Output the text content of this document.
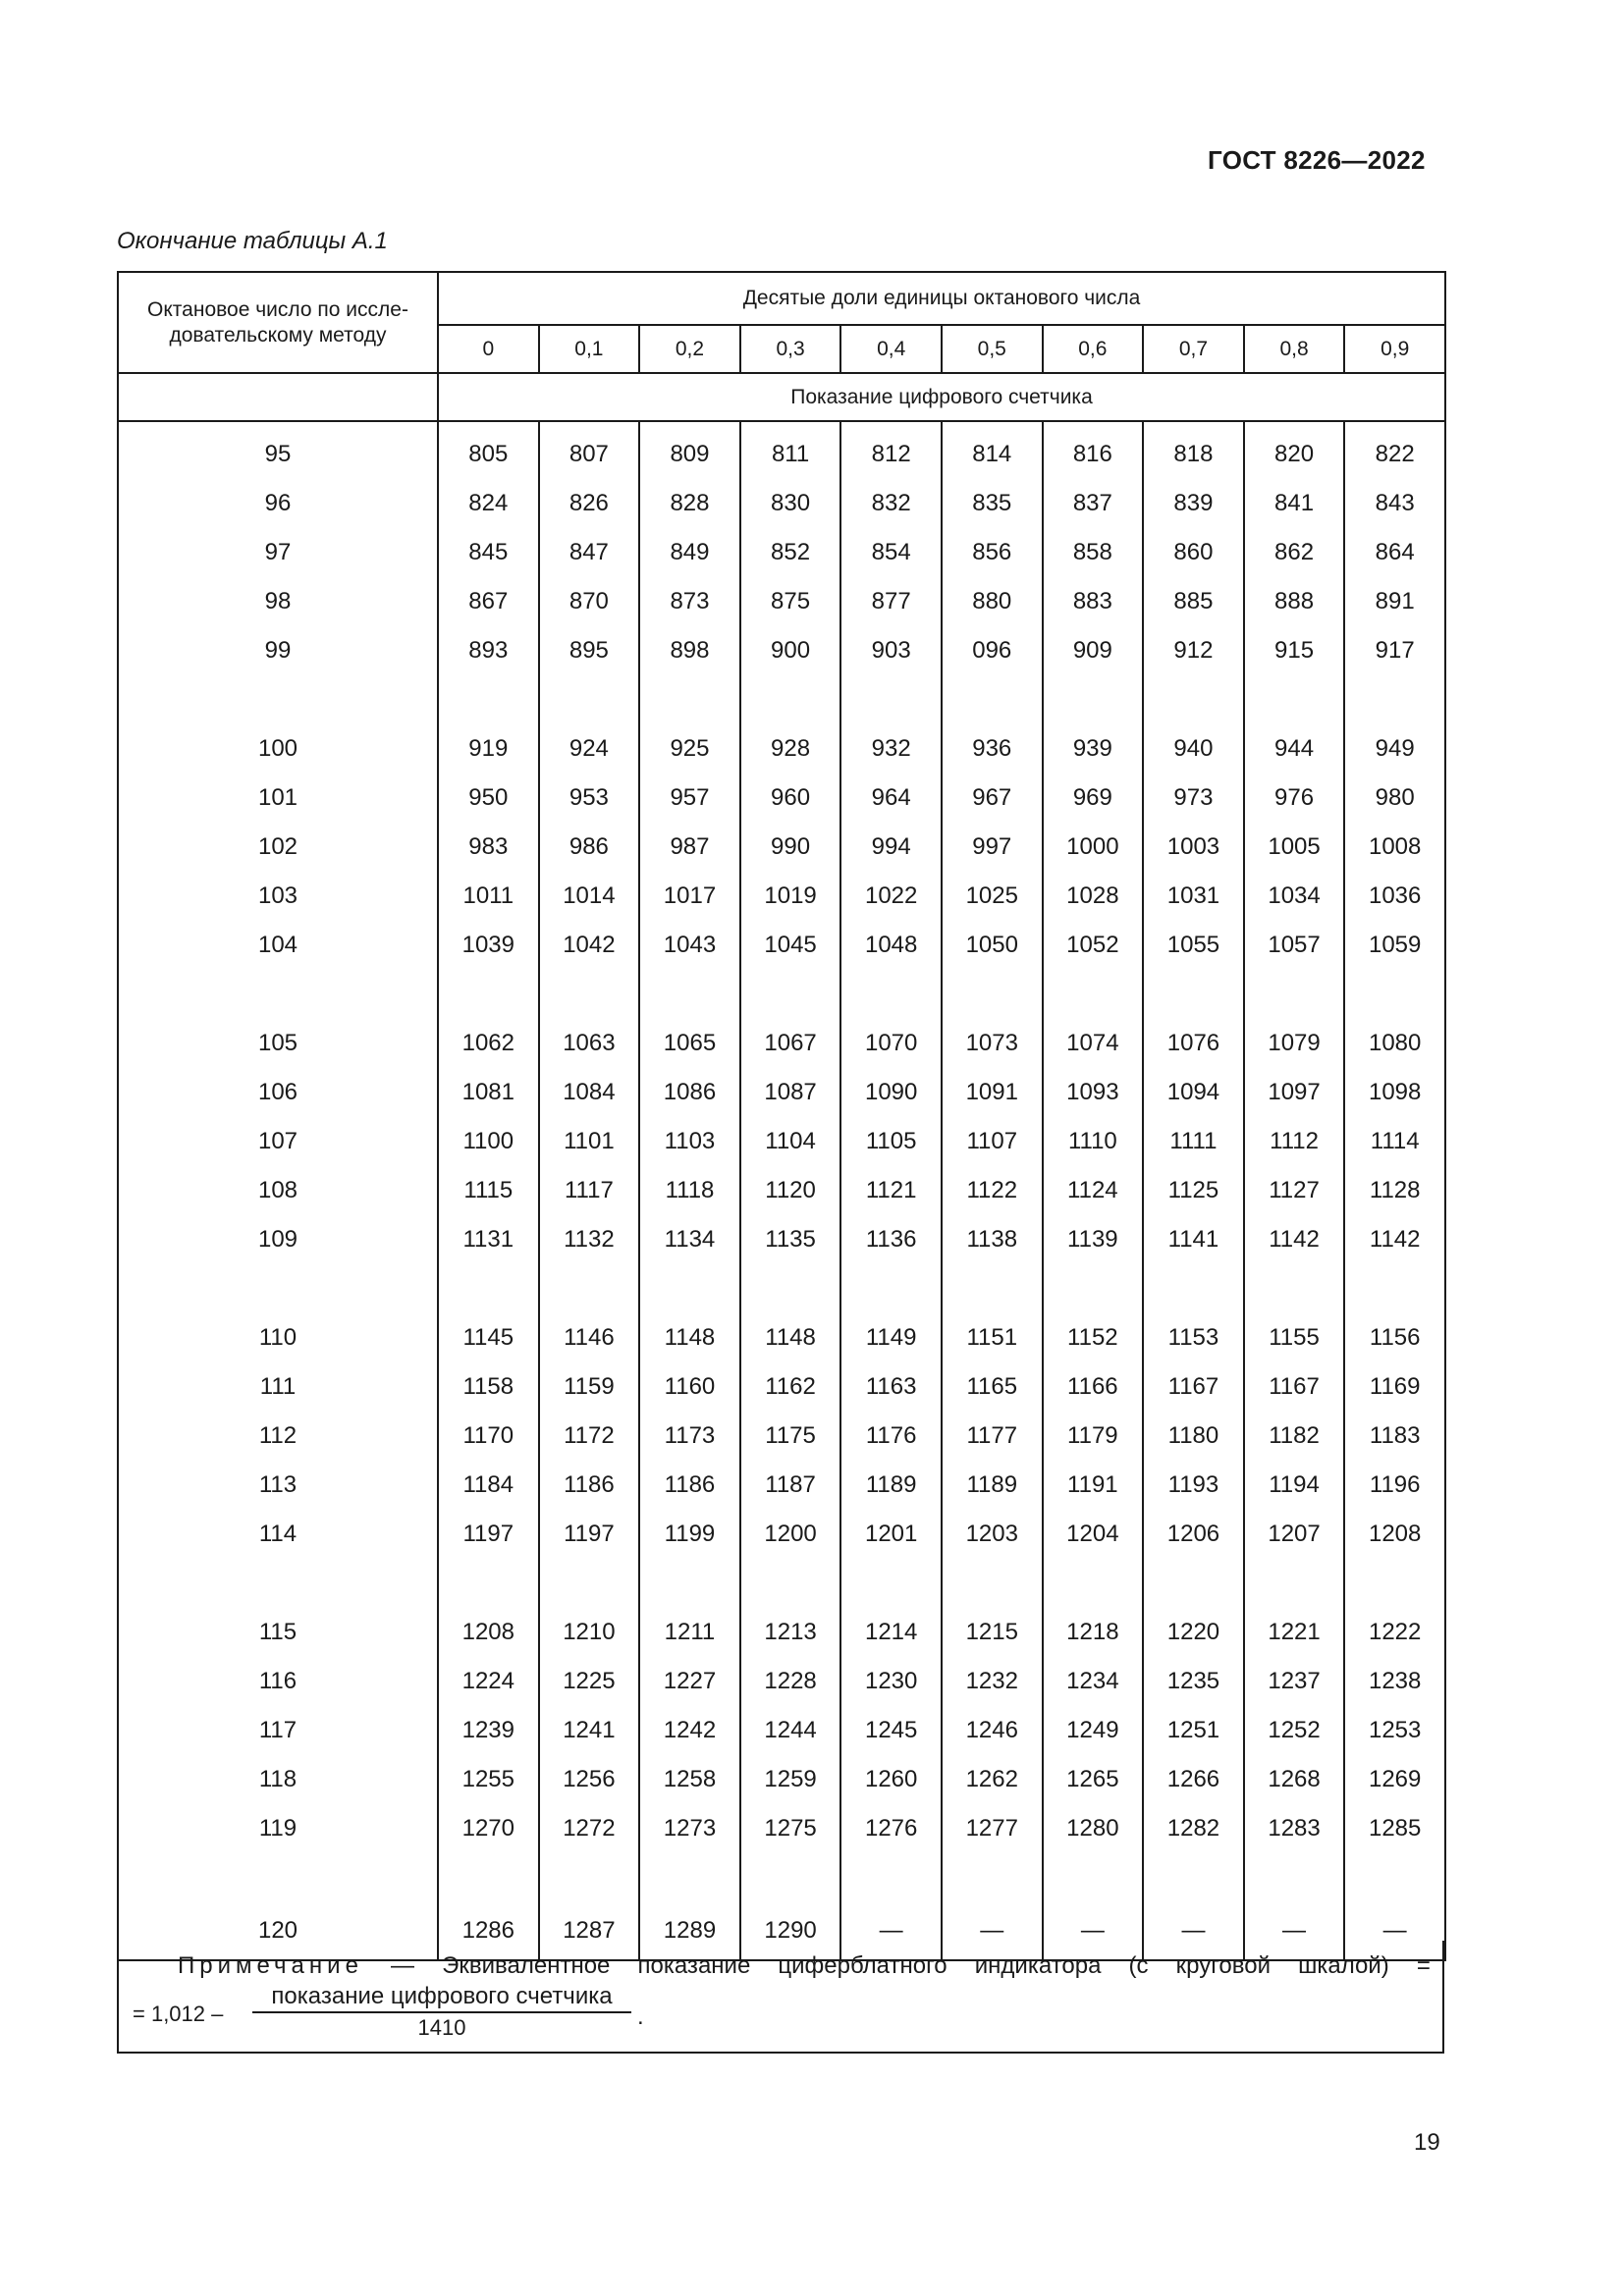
ГОСТ 8226—2022
Окончание таблицы А.1
Октановое число по иссле-
довательскому методу	Десятые доли единицы октанового числа									
	0	0,1	0,2	0,3	0,4	0,5	0,6	0,7	0,8	0,9
	Показание цифрового счетчика									

95	805	807	809	811	812	814	816	818	820	822
96	824	826	828	830	832	835	837	839	841	843
97	845	847	849	852	854	856	858	860	862	864
98	867	870	873	875	877	880	883	885	888	891
99	893	895	898	900	903	096	909	912	915	917

100	919	924	925	928	932	936	939	940	944	949
101	950	953	957	960	964	967	969	973	976	980
102	983	986	987	990	994	997	1000	1003	1005	1008
103	1011	1014	1017	1019	1022	1025	1028	1031	1034	1036
104	1039	1042	1043	1045	1048	1050	1052	1055	1057	1059

105	1062	1063	1065	1067	1070	1073	1074	1076	1079	1080
106	1081	1084	1086	1087	1090	1091	1093	1094	1097	1098
107	1100	1101	1103	1104	1105	1107	1110	1111	1112	1114
108	1115	1117	1118	1120	1121	1122	1124	1125	1127	1128
109	1131	1132	1134	1135	1136	1138	1139	1141	1142	1142

110	1145	1146	1148	1148	1149	1151	1152	1153	1155	1156
111	1158	1159	1160	1162	1163	1165	1166	1167	1167	1169
112	1170	1172	1173	1175	1176	1177	1179	1180	1182	1183
113	1184	1186	1186	1187	1189	1189	1191	1193	1194	1196
114	1197	1197	1199	1200	1201	1203	1204	1206	1207	1208

115	1208	1210	1211	1213	1214	1215	1218	1220	1221	1222
116	1224	1225	1227	1228	1230	1232	1234	1235	1237	1238
117	1239	1241	1242	1244	1245	1246	1249	1251	1252	1253
118	1255	1256	1258	1259	1260	1262	1265	1266	1268	1269
119	1270	1272	1273	1275	1276	1277	1280	1282	1283	1285

120	1286	1287	1289	1290	—	—	—	—	—	—
Примечание — Эквивалентное показание циферблатного индикатора (с круговой шкалой) =
= 1,012 –
показание цифрового счетчика
1410	.
19
